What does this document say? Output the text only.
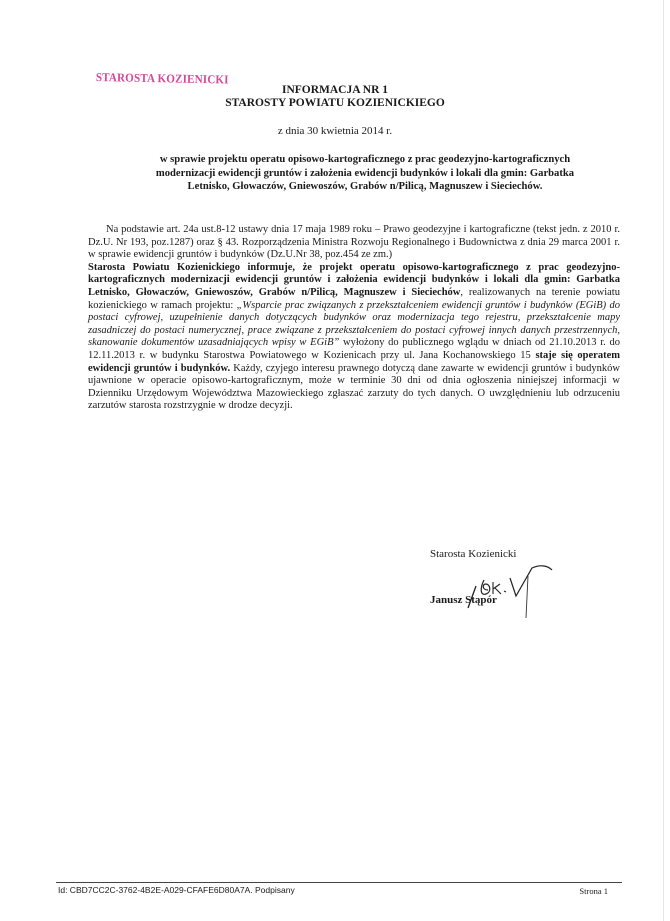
STAROSTA KOZIENICKI
INFORMACJA NR 1
STAROSTY POWIATU KOZIENICKIEGO
z dnia 30 kwietnia 2014 r.
w sprawie projektu operatu opisowo-kartograficznego z prac geodezyjno-kartograficznych
modernizacji ewidencji gruntów i założenia ewidencji budynków i lokali dla gmin: Garbatka
Letnisko, Głowaczów, Gniewoszów, Grabów n/Pilicą, Magnuszew i Sieciechów.

Na podstawie art. 24a ust.8-12 ustawy dnia 17 maja 1989 roku – Prawo geodezyjne i kartograficzne (tekst jedn. z 2010 r. Dz.U. Nr 193, poz.1287) oraz § 43. Rozporządzenia Ministra Rozwoju Regionalnego i Budownictwa z dnia 29 marca 2001 r. w sprawie ewidencji gruntów i budynków (Dz.U.Nr 38, poz.454 ze zm.)

Starosta Powiatu Kozienickiego informuje, że projekt operatu opisowo-kartograficznego z prac geodezyjno-kartograficznych modernizacji ewidencji gruntów i założenia ewidencji budynków i lokali dla gmin: Garbatka Letnisko, Głowaczów, Gniewoszów, Grabów n/Pilicą, Magnuszew i Sieciechów, realizowanych na terenie powiatu kozienickiego w ramach projektu: „Wsparcie prac związanych z przekształceniem ewidencji gruntów i budynków (EGiB) do postaci cyfrowej, uzupełnienie danych dotyczących budynków oraz modernizacja tego rejestru, przekształcenie mapy zasadniczej do postaci numerycznej, prace związane z przekształceniem do postaci cyfrowej innych danych przestrzennych, skanowanie dokumentów uzasadniających wpisy w EGiB” wyłożony do publicznego wglądu w dniach od 21.10.2013 r. do 12.11.2013 r. w budynku Starostwa Powiatowego w Kozienicach przy ul. Jana Kochanowskiego 15 staje się operatem ewidencji gruntów i budynków. Każdy, czyjego interesu prawnego dotyczą dane zawarte w ewidencji gruntów i budynków ujawnione w operacie opisowo-kartograficznym, może w terminie 30 dni od dnia ogłoszenia niniejszej informacji w Dzienniku Urzędowym Województwa Mazowieckiego zgłaszać zarzuty do tych danych. O uwzględnieniu lub odrzuceniu zarzutów starosta rozstrzygnie w drodze decyzji.

Starosta Kozienicki
Janusz Stąpór
Id: CBD7CC2C-3762-4B2E-A029-CFAFE6D80A7A. Podpisany	Strona 1
